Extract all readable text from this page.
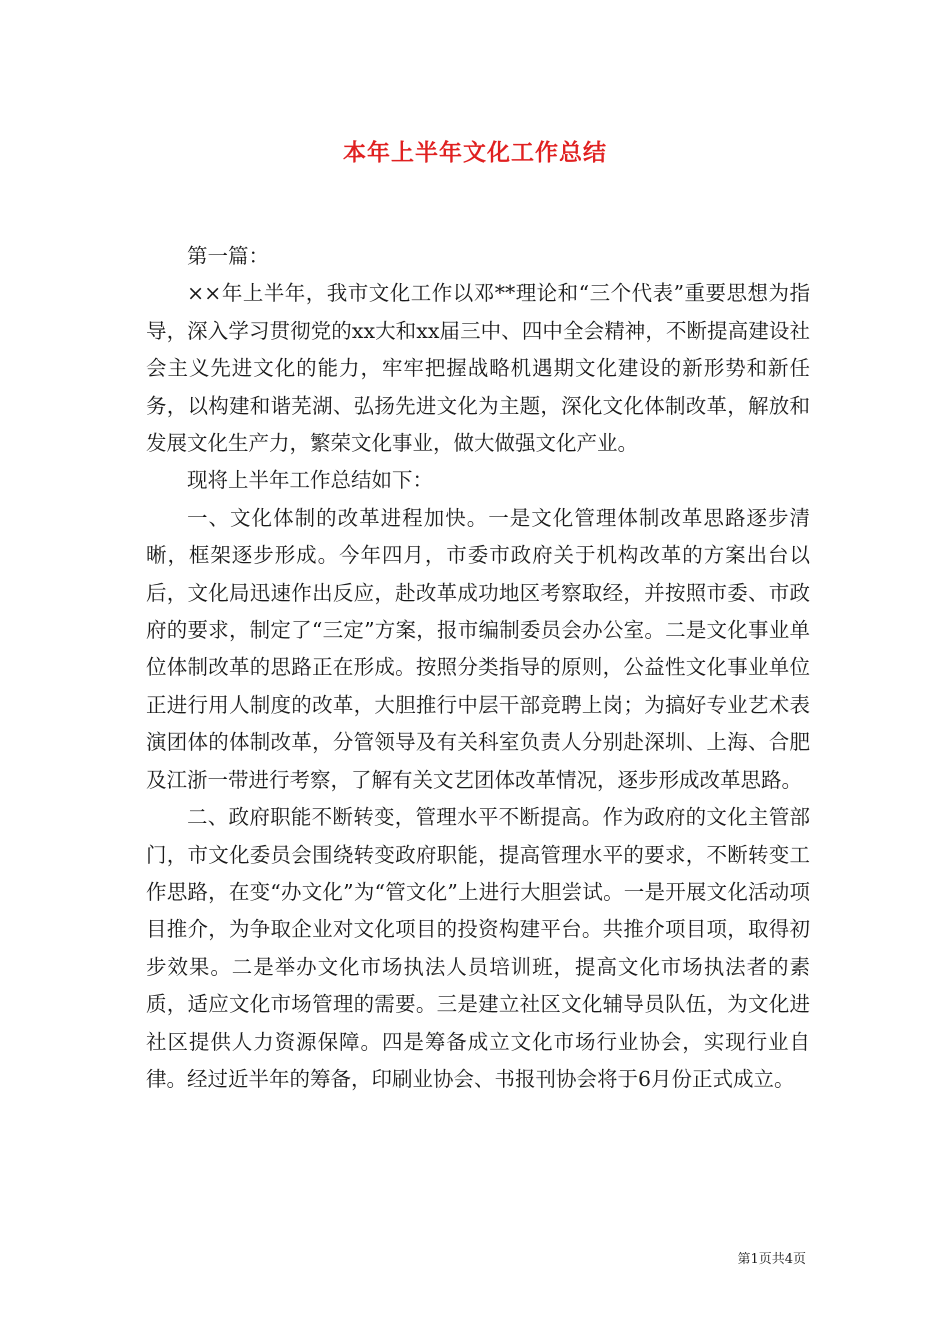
本年上半年文化工作总结

第一篇：

××年上半年，我市文化工作以邓**理论和“三个代表”重要思想为指导，深入学习贯彻党的xx大和xx届三中、四中全会精神，不断提高建设社会主义先进文化的能力，牢牢把握战略机遇期文化建设的新形势和新任务，以构建和谐芜湖、弘扬先进文化为主题，深化文化体制改革，解放和发展文化生产力，繁荣文化事业，做大做强文化产业。

现将上半年工作总结如下：

一、文化体制的改革进程加快。一是文化管理体制改革思路逐步清晰，框架逐步形成。今年四月，市委市政府关于机构改革的方案出台以后，文化局迅速作出反应，赴改革成功地区考察取经，并按照市委、市政府的要求，制定了“三定”方案，报市编制委员会办公室。二是文化事业单位体制改革的思路正在形成。按照分类指导的原则，公益性文化事业单位正进行用人制度的改革，大胆推行中层干部竞聘上岗；为搞好专业艺术表演团体的体制改革，分管领导及有关科室负责人分别赴深圳、上海、合肥及江浙一带进行考察，了解有关文艺团体改革情况，逐步形成改革思路。

二、政府职能不断转变，管理水平不断提高。作为政府的文化主管部门，市文化委员会围绕转变政府职能，提高管理水平的要求，不断转变工作思路，在变“办文化”为“管文化”上进行大胆尝试。一是开展文化活动项目推介，为争取企业对文化项目的投资构建平台。共推介项目项，取得初步效果。二是举办文化市场执法人员培训班，提高文化市场执法者的素质，适应文化市场管理的需要。三是建立社区文化辅导员队伍，为文化进社区提供人力资源保障。四是筹备成立文化市场行业协会，实现行业自律。经过近半年的筹备，印刷业协会、书报刊协会将于6月份正式成立。

第1页共4页
